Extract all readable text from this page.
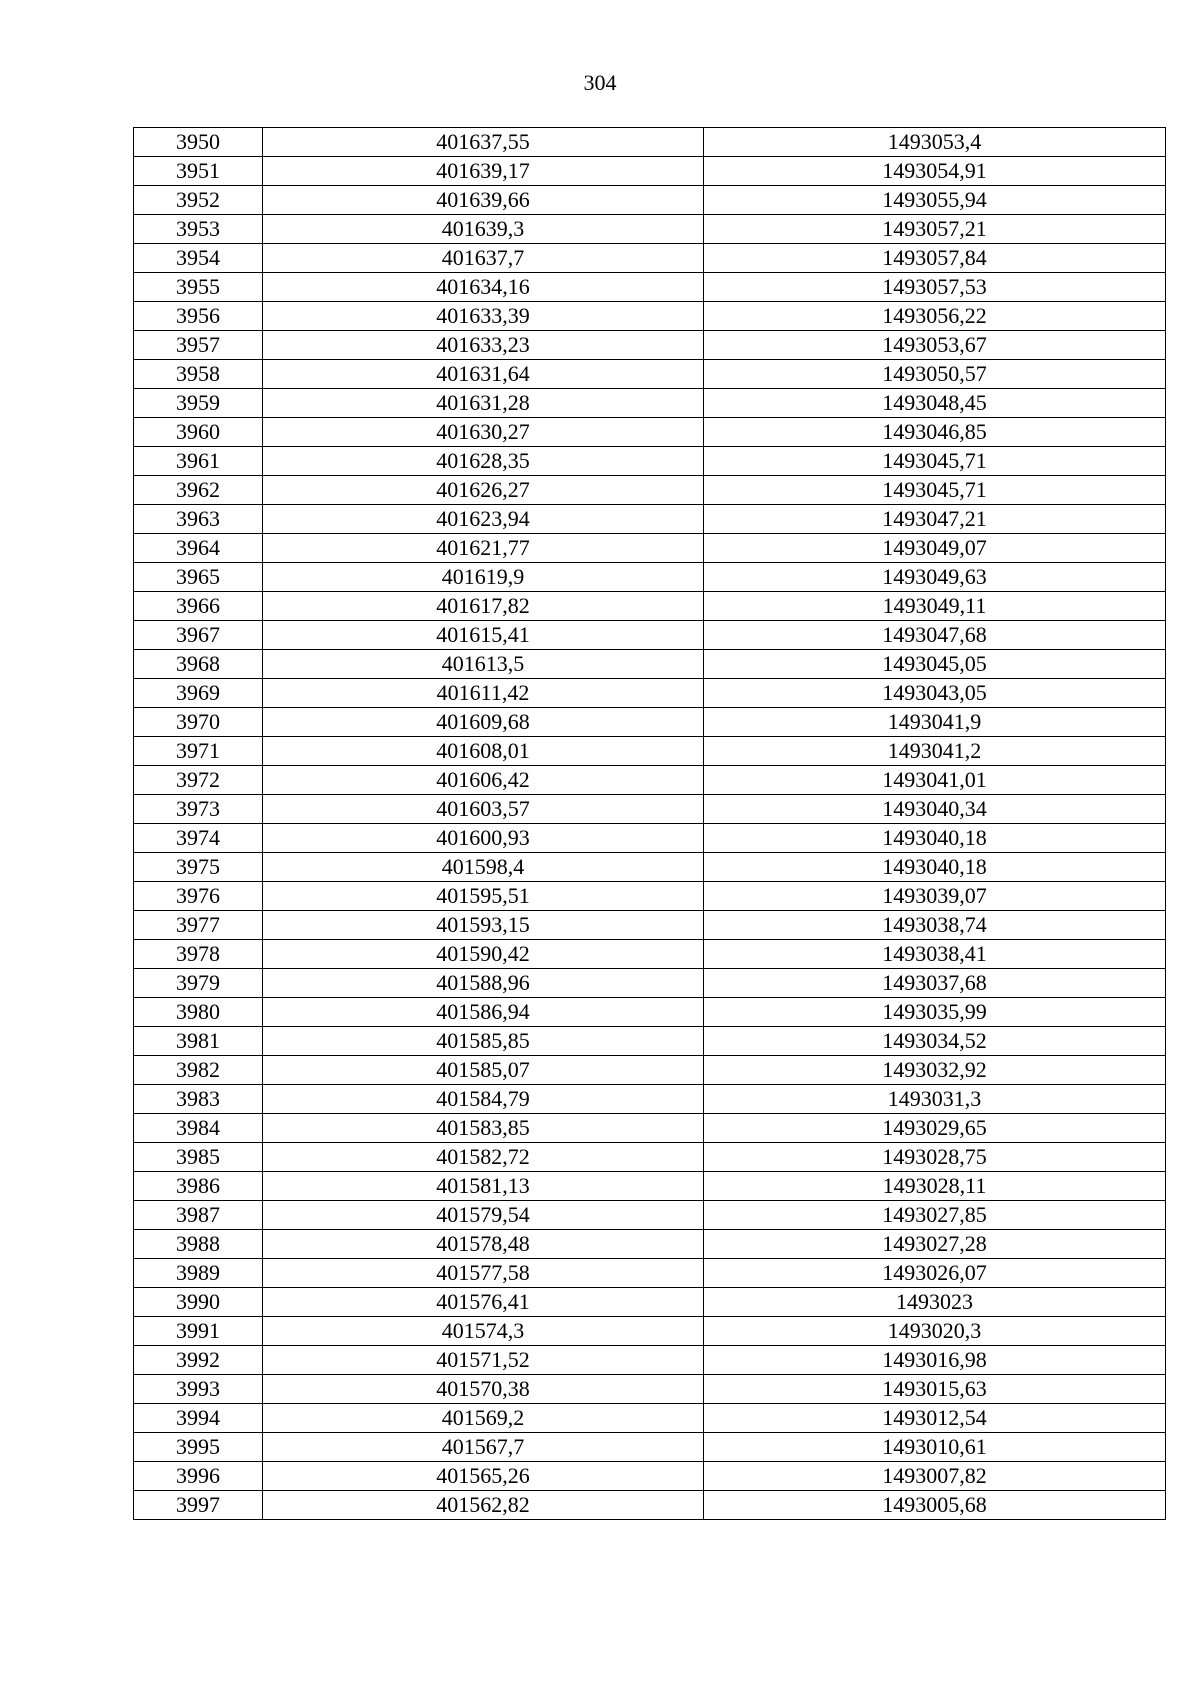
304
3950	401637,55	1493053,4
3951	401639,17	1493054,91
3952	401639,66	1493055,94
3953	401639,3	1493057,21
3954	401637,7	1493057,84
3955	401634,16	1493057,53
3956	401633,39	1493056,22
3957	401633,23	1493053,67
3958	401631,64	1493050,57
3959	401631,28	1493048,45
3960	401630,27	1493046,85
3961	401628,35	1493045,71
3962	401626,27	1493045,71
3963	401623,94	1493047,21
3964	401621,77	1493049,07
3965	401619,9	1493049,63
3966	401617,82	1493049,11
3967	401615,41	1493047,68
3968	401613,5	1493045,05
3969	401611,42	1493043,05
3970	401609,68	1493041,9
3971	401608,01	1493041,2
3972	401606,42	1493041,01
3973	401603,57	1493040,34
3974	401600,93	1493040,18
3975	401598,4	1493040,18
3976	401595,51	1493039,07
3977	401593,15	1493038,74
3978	401590,42	1493038,41
3979	401588,96	1493037,68
3980	401586,94	1493035,99
3981	401585,85	1493034,52
3982	401585,07	1493032,92
3983	401584,79	1493031,3
3984	401583,85	1493029,65
3985	401582,72	1493028,75
3986	401581,13	1493028,11
3987	401579,54	1493027,85
3988	401578,48	1493027,28
3989	401577,58	1493026,07
3990	401576,41	1493023
3991	401574,3	1493020,3
3992	401571,52	1493016,98
3993	401570,38	1493015,63
3994	401569,2	1493012,54
3995	401567,7	1493010,61
3996	401565,26	1493007,82
3997	401562,82	1493005,68
